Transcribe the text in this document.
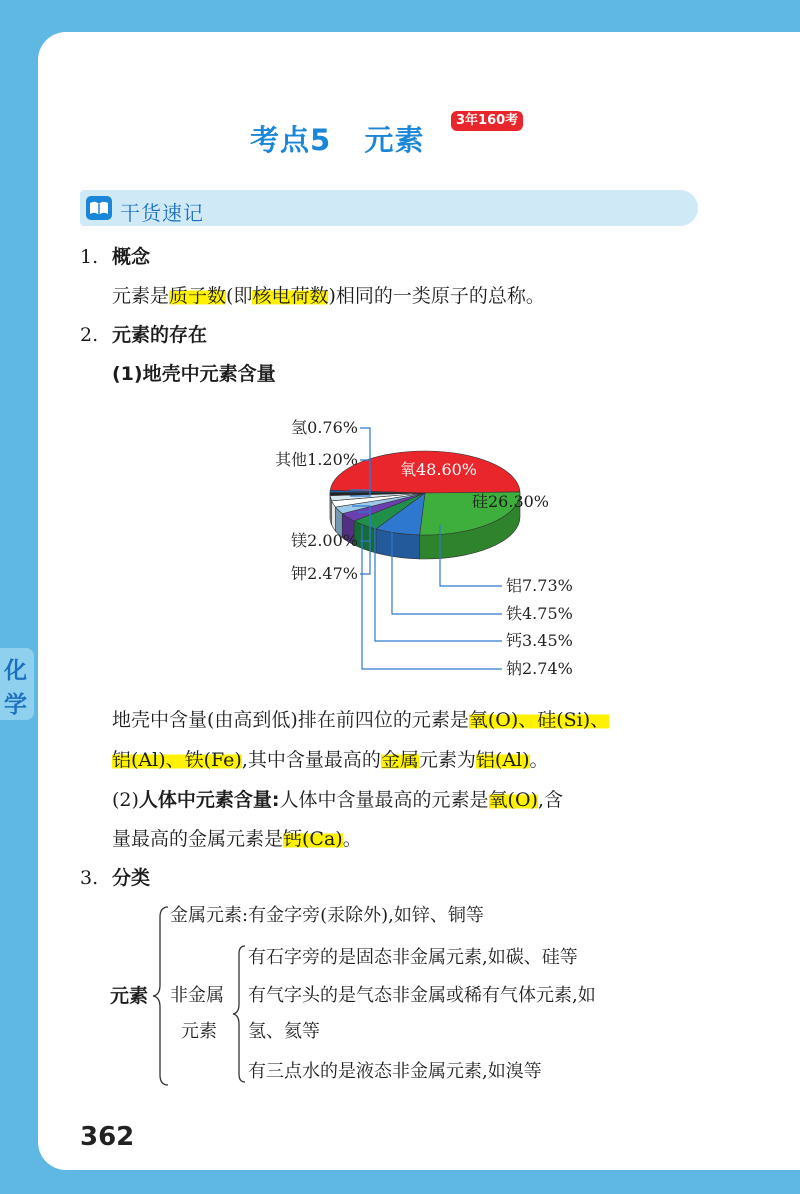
考点5   元素
3年160考
干货速记
化
学
1. 概念
元素是质子数(即核电荷数)相同的一类原子的总称。
2. 元素的存在
(1)地壳中元素含量
氧48.60%
硅26.30%
氢0.76%
其他1.20%
镁2.00%
钾2.47%
铝7.73%
铁4.75%
钙3.45%
钠2.74%
地壳中含量(由高到低)排在前四位的元素是氧(O)、硅(Si)、
铝(Al)、铁(Fe),其中含量最高的金属元素为铝(Al)。
(2)人体中元素含量:人体中含量最高的元素是氧(O),含
量最高的金属元素是钙(Ca)。
3. 分类
金属元素:有金字旁(汞除外),如锌、铜等
元素 非金属
元素
有石字旁的是固态非金属元素,如碳、硅等
有气字头的是气态非金属或稀有气体元素,如
氢、氦等
有三点水的是液态非金属元素,如溴等
362
